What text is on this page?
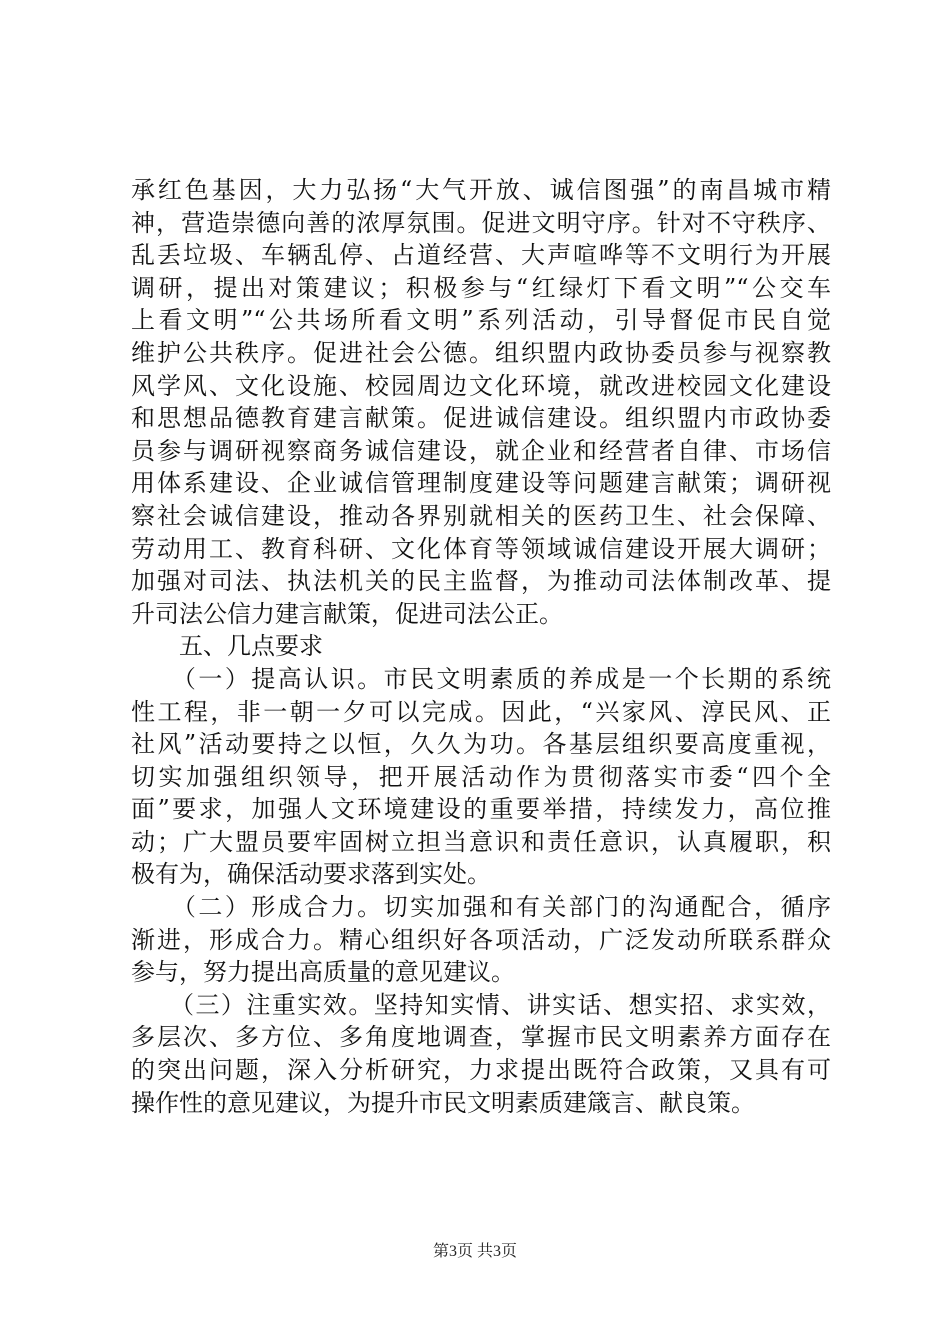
承红色基因，大力弘扬“大气开放、诚信图强”的南昌城市精
神，营造崇德向善的浓厚氛围。促进文明守序。针对不守秩序、
乱丢垃圾、车辆乱停、占道经营、大声喧哗等不文明行为开展
调研，提出对策建议；积极参与“红绿灯下看文明”“公交车
上看文明”“公共场所看文明”系列活动，引导督促市民自觉
维护公共秩序。促进社会公德。组织盟内政协委员参与视察教
风学风、文化设施、校园周边文化环境，就改进校园文化建设
和思想品德教育建言献策。促进诚信建设。组织盟内市政协委
员参与调研视察商务诚信建设，就企业和经营者自律、市场信
用体系建设、企业诚信管理制度建设等问题建言献策；调研视
察社会诚信建设，推动各界别就相关的医药卫生、社会保障、
劳动用工、教育科研、文化体育等领域诚信建设开展大调研；
加强对司法、执法机关的民主监督，为推动司法体制改革、提
升司法公信力建言献策，促进司法公正。
　　五、几点要求
　　（一）提高认识。市民文明素质的养成是一个长期的系统
性工程，非一朝一夕可以完成。因此，“兴家风、淳民风、正
社风”活动要持之以恒，久久为功。各基层组织要高度重视，
切实加强组织领导，把开展活动作为贯彻落实市委“四个全
面”要求，加强人文环境建设的重要举措，持续发力，高位推
动；广大盟员要牢固树立担当意识和责任意识，认真履职，积
极有为，确保活动要求落到实处。
　　（二）形成合力。切实加强和有关部门的沟通配合，循序
渐进，形成合力。精心组织好各项活动，广泛发动所联系群众
参与，努力提出高质量的意见建议。
　　（三）注重实效。坚持知实情、讲实话、想实招、求实效，
多层次、多方位、多角度地调查，掌握市民文明素养方面存在
的突出问题，深入分析研究，力求提出既符合政策，又具有可
操作性的意见建议，为提升市民文明素质建箴言、献良策。
第3页 共3页
